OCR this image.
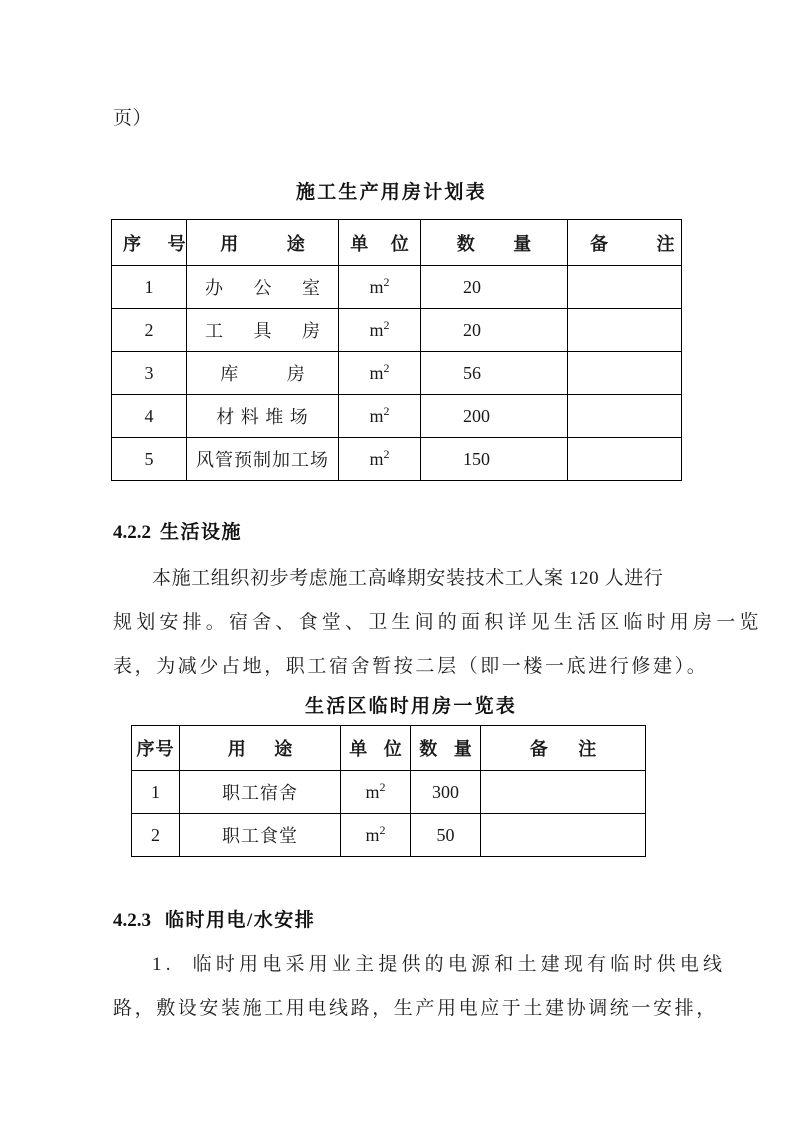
页）
施工生产用房计划表
序 号	用 途	单 位	数 量	备 注
1	办 公 室	$m^2$	20	
2	工 具 房	$m^2$	20	
3	库 房	$m^2$	56	
4	材 料 堆 场	$m^2$	200	
5	风管预制加工场	$m^2$	150	
4.2.2 生活设施
本施工组织初步考虑施工高峰期安装技术工人案 120 人进行
规划安排。宿舍、食堂、卫生间的面积详见生活区临时用房一览
表，为减少占地，职工宿舍暂按二层（即一楼一底进行修建）。
生活区临时用房一览表
序号	用 途	单 位	数 量	备 注
1	职工宿舍	$m^2$	300	
2	职工食堂	$m^2$	50	
4.2.3 临时用电/水安排
1. 临时用电采用业主提供的电源和土建现有临时供电线
路，敷设安装施工用电线路，生产用电应于土建协调统一安排，
